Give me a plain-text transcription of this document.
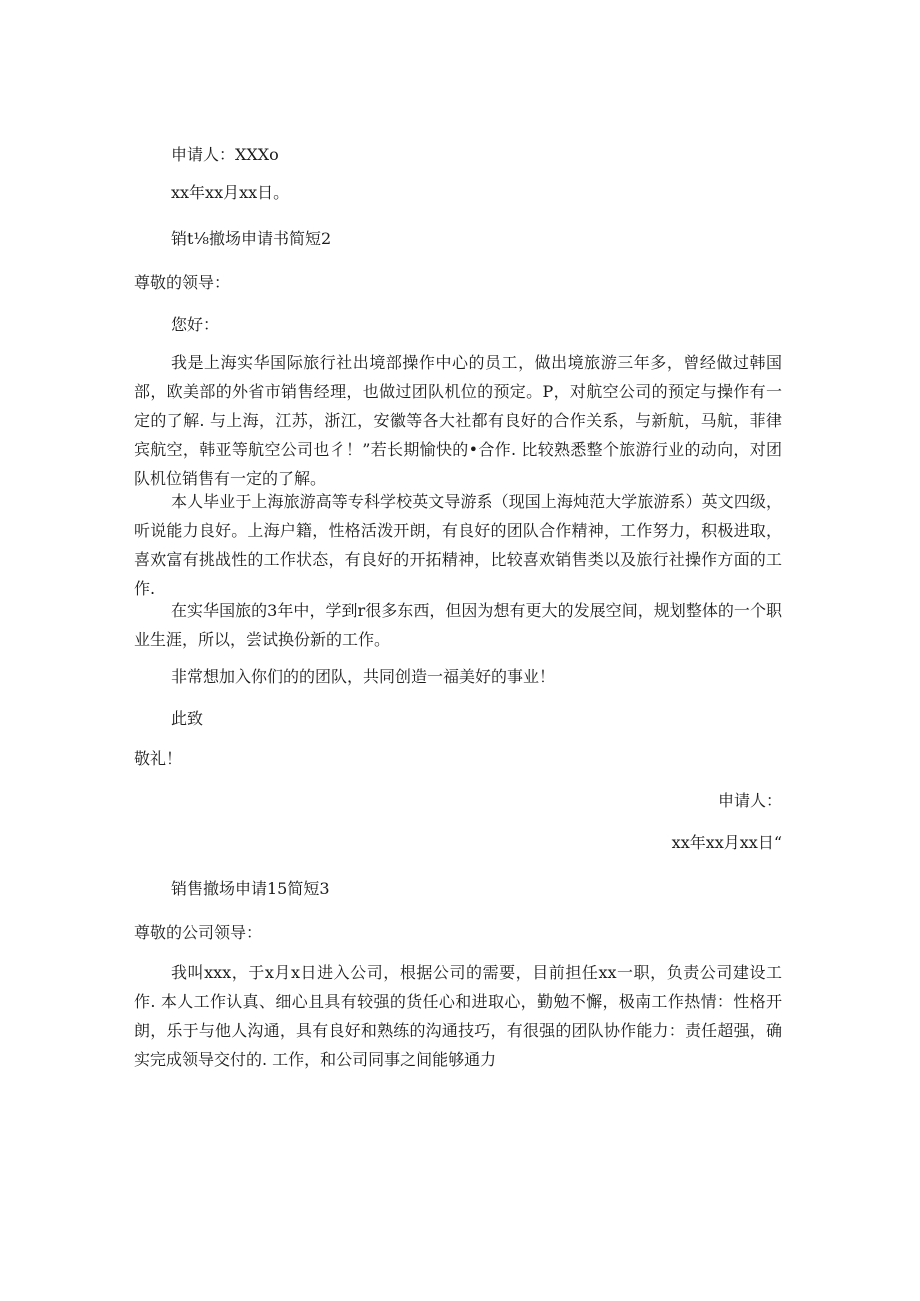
申请人：XXXo
xx年xx月xx日。
销t⅛撤场申请书简短2
尊敬的领导：
您好：
我是上海实华国际旅行社出境部操作中心的员工，做出境旅游三年多，曾经做过韩国部，欧美部的外省市销售经理，也做过团队机位的预定。P，对航空公司的预定与操作有一定的了解. 与上海，江苏，浙江，安徽等各大社都有良好的合作关系，与新航，马航，菲律宾航空，韩亚等航空公司也彳！”若长期愉快的•合作. 比较熟悉整个旅游行业的动向，对团队机位销售有一定的了解。
本人毕业于上海旅游高等专科学校英文导游系（现国上海炖范大学旅游系）英文四级，听说能力良好。上海户籍，性格活泼开朗，有良好的团队合作精神，工作努力，积极进取，喜欢富有挑战性的工作状态，有良好的开拓精神，比较喜欢销售类以及旅行社操作方面的工作.
在实华国旅的3年中，学到r很多东西，但因为想有更大的发展空间，规划整体的一个职业生涯，所以，尝试换份新的工作。
非常想加入你们的的团队，共同创造一福美好的事业！
此致
敬礼！
申请人：
xx年xx月xx日“
销售撤场申请15简短3
尊敬的公司领导：
我叫xxx，于x月x日进入公司，根据公司的需要，目前担任xx一职，负责公司建设工作. 本人工作认真、细心且具有较强的货任心和进取心，勤勉不懈，极南工作热情：性格开朗，乐于与他人沟通，具有良好和熟练的沟通技巧，有很强的团队协作能力：责任超强，确实完成领导交付的. 工作，和公司同事之间能够通力
